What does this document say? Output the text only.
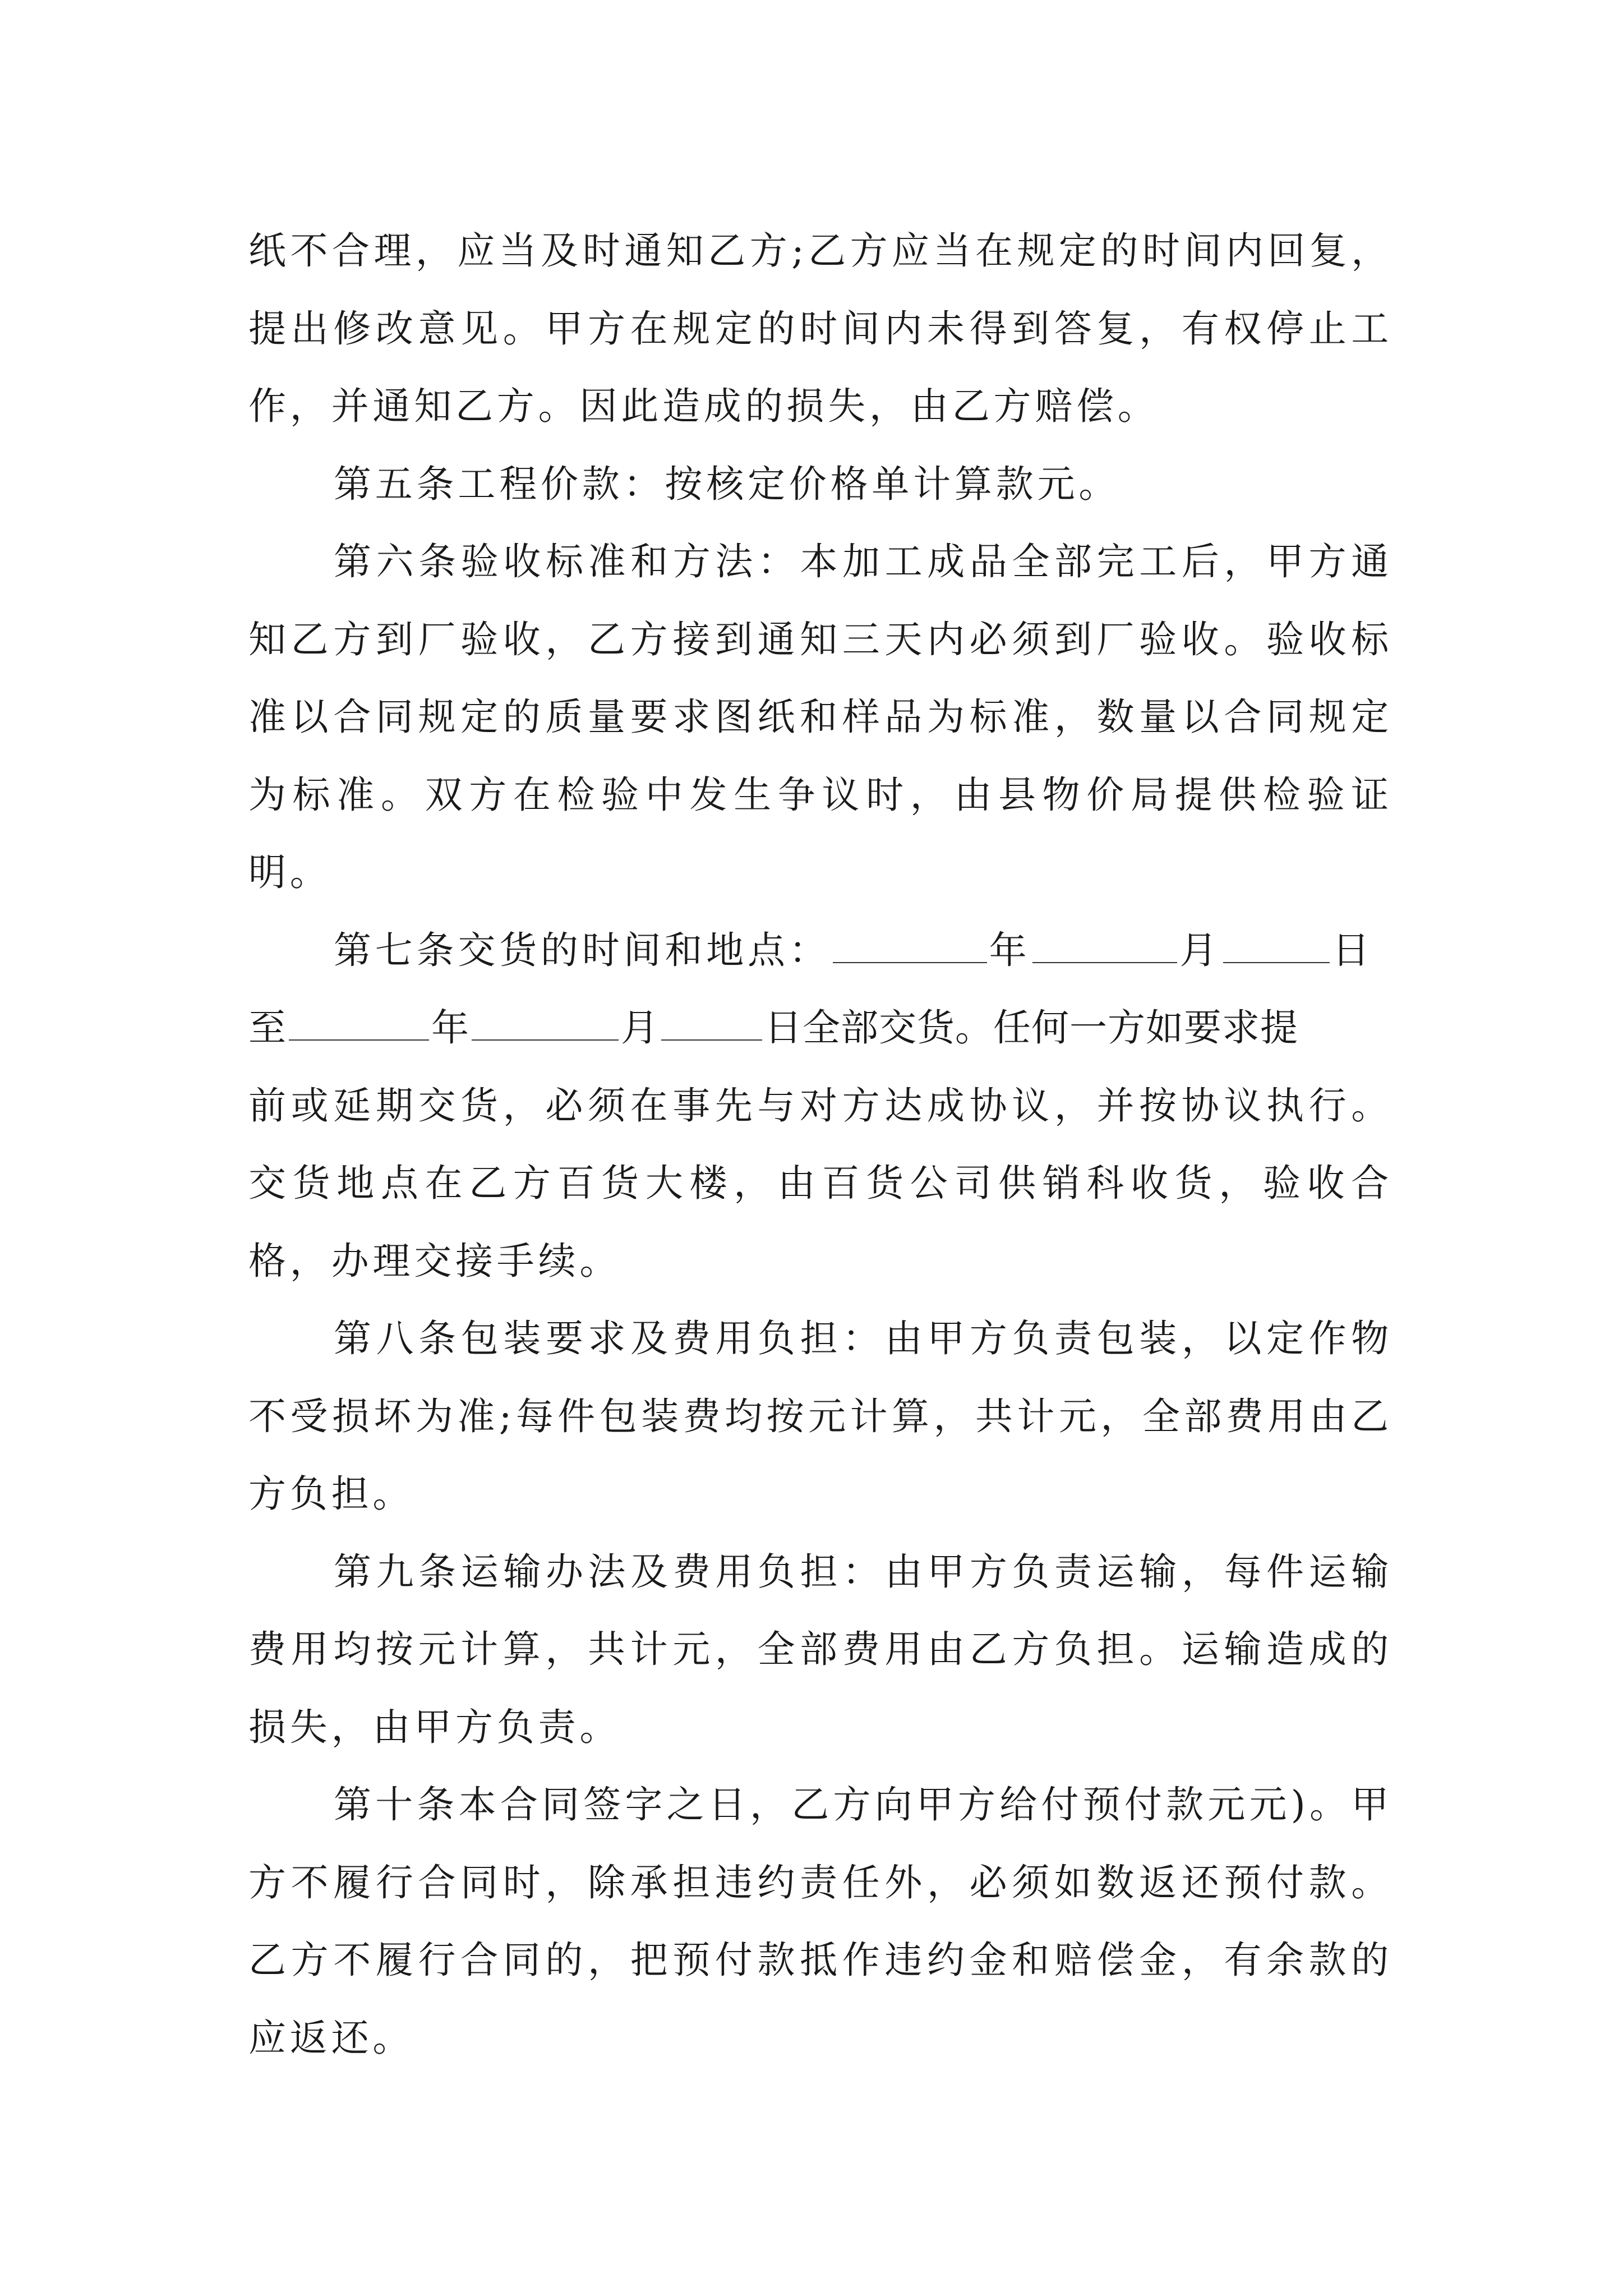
纸不合理，应当及时通知乙方;乙方应当在规定的时间内回复，提出修改意见。甲方在规定的时间内未得到答复，有权停止工作，并通知乙方。因此造成的损失，由乙方赔偿。

第五条工程价款：按核定价格单计算款元。

第六条验收标准和方法：本加工成品全部完工后，甲方通知乙方到厂验收，乙方接到通知三天内必须到厂验收。验收标准以合同规定的质量要求图纸和样品为标准，数量以合同规定为标准。双方在检验中发生争议时，由县物价局提供检验证明。

第七条交货的时间和地点：	年	月	日

至	年	月	日全部交货。任何一方如要求提

前或延期交货，必须在事先与对方达成协议，并按协议执行。交货地点在乙方百货大楼，由百货公司供销科收货，验收合格，办理交接手续。

第八条包装要求及费用负担：由甲方负责包装，以定作物不受损坏为准;每件包装费均按元计算，共计元，全部费用由乙方负担。

第九条运输办法及费用负担：由甲方负责运输，每件运输费用均按元计算，共计元，全部费用由乙方负担。运输造成的损失，由甲方负责。

第十条本合同签字之日，乙方向甲方给付预付款元元)。甲方不履行合同时，除承担违约责任外，必须如数返还预付款。乙方不履行合同的，把预付款抵作违约金和赔偿金，有余款的应返还。
